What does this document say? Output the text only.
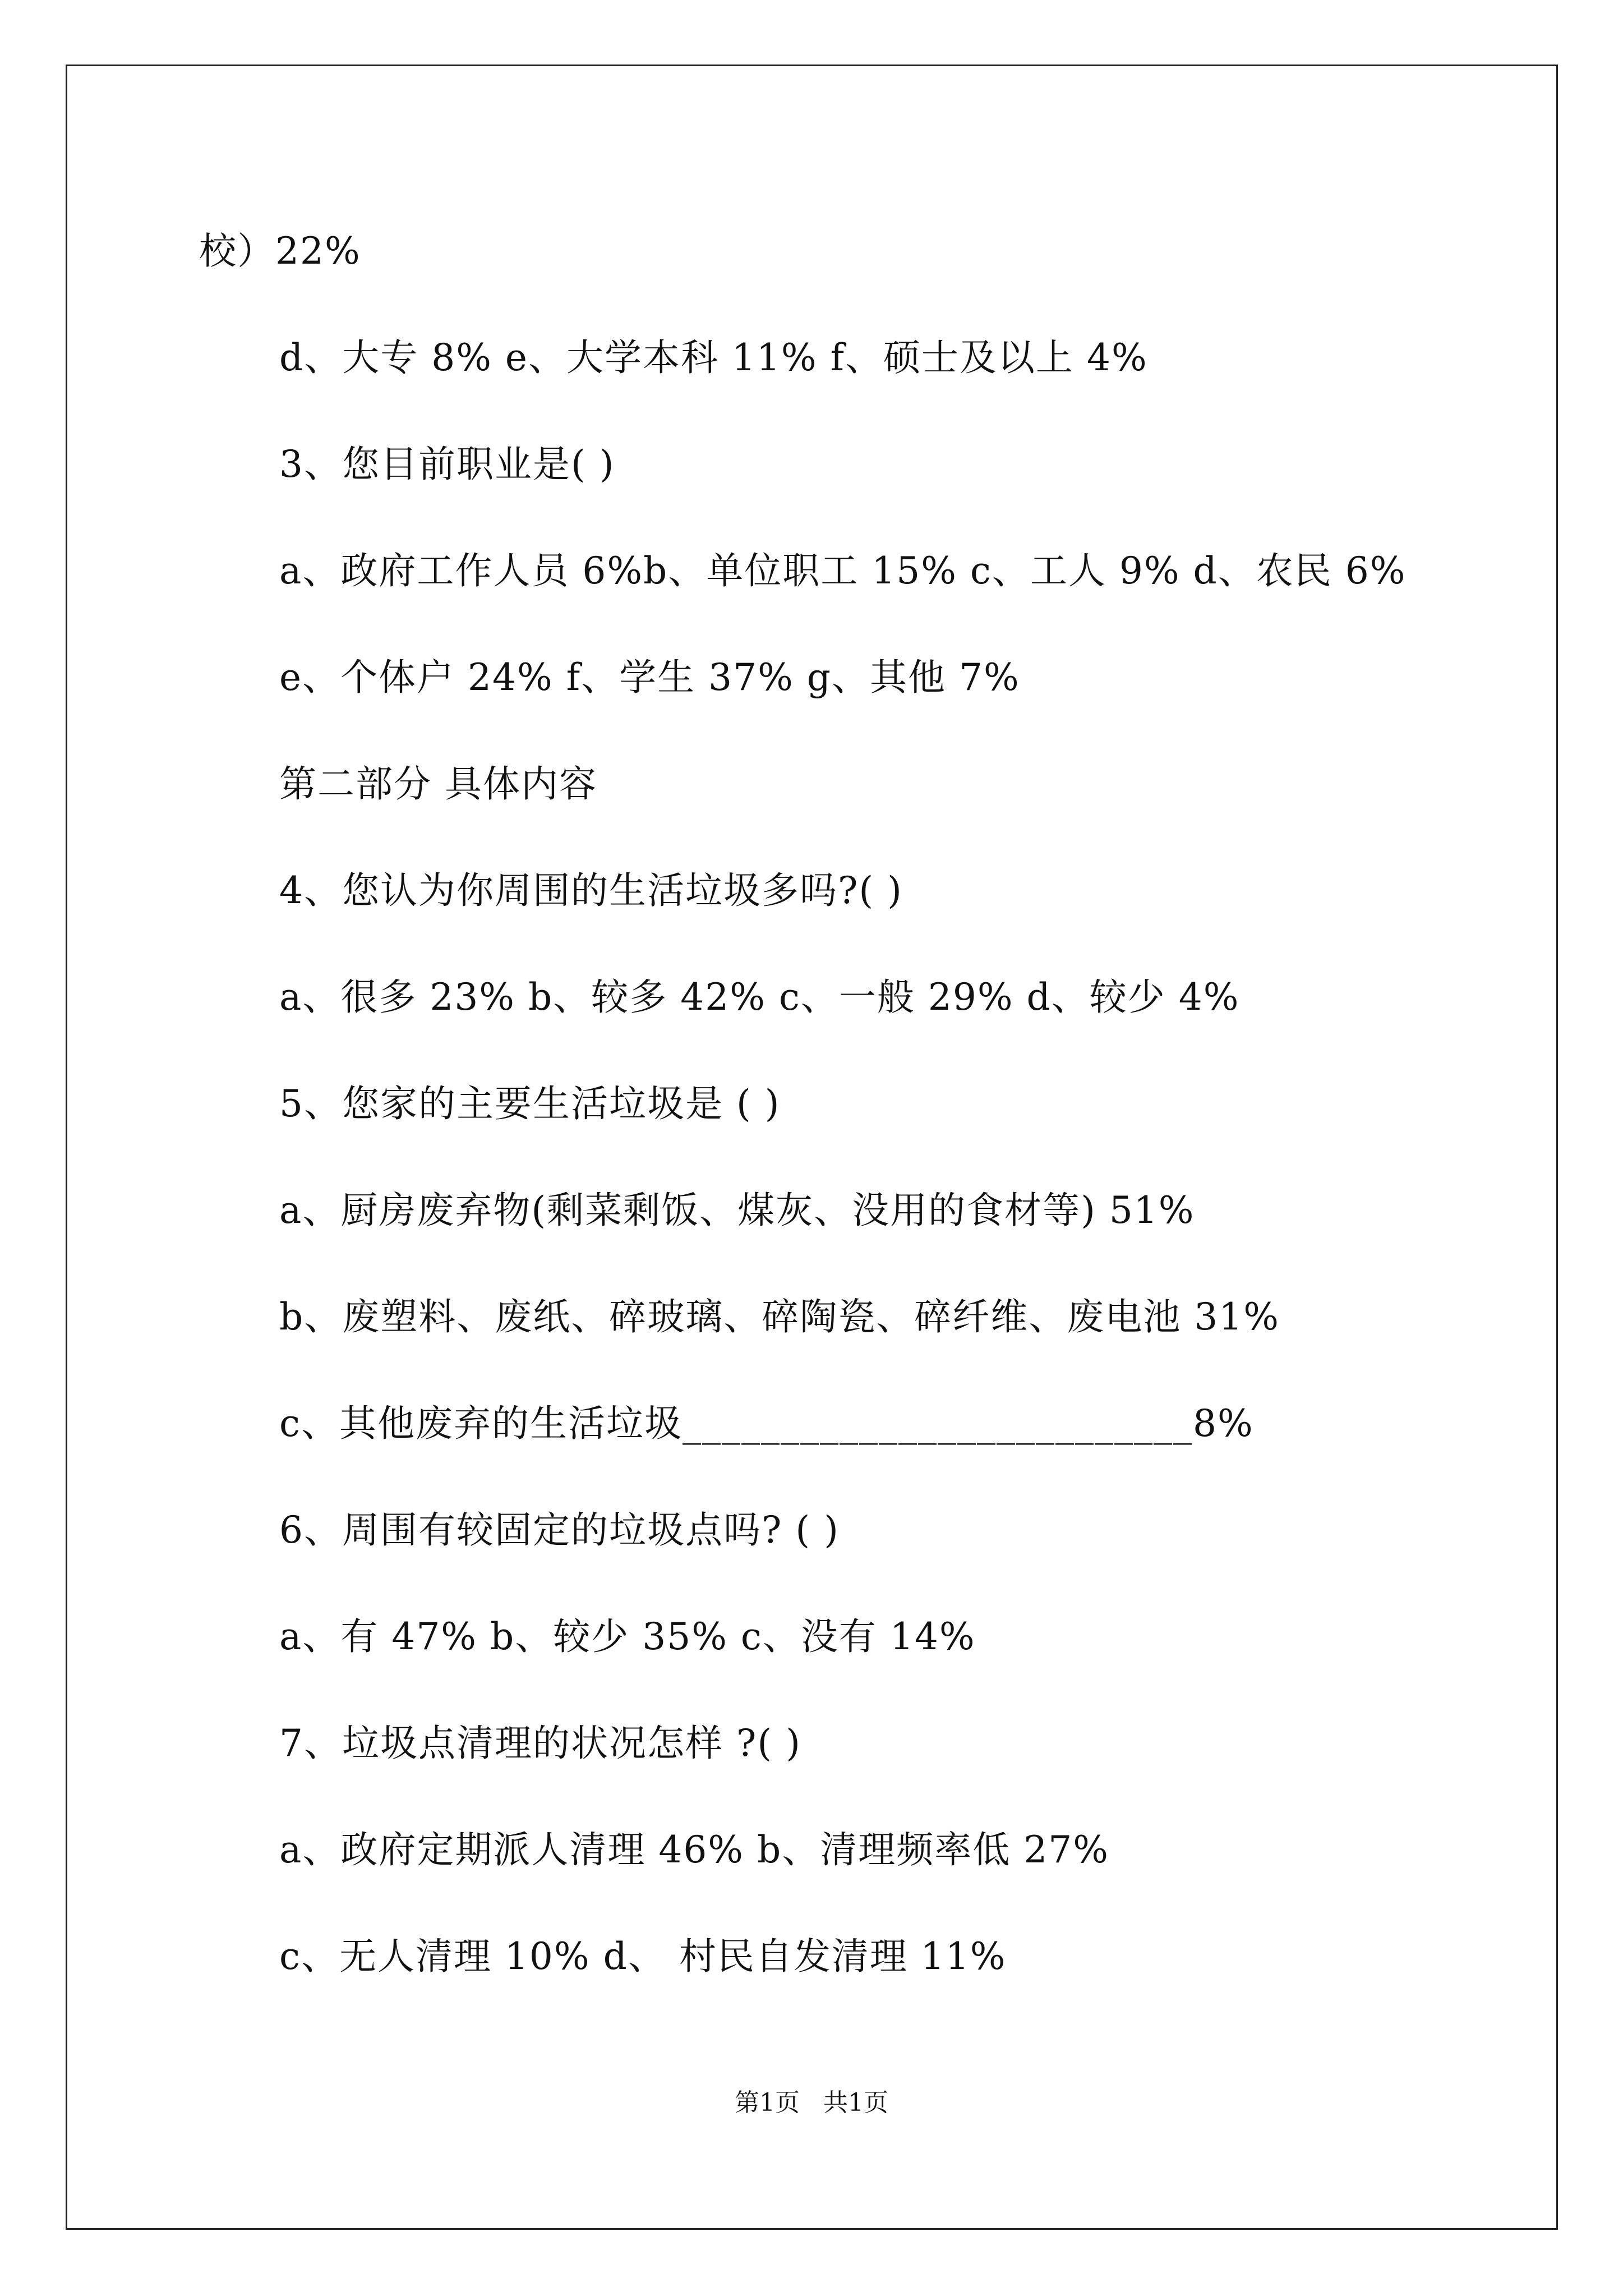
校）22%
d、大专 8% e、大学本科 11% f、硕士及以上 4%
3、您目前职业是( )
a、政府工作人员 6%b、单位职工 15% c、工人 9% d、农民 6%
e、个体户 24% f、学生 37% g、其他 7%
第二部分 具体内容
4、您认为你周围的生活垃圾多吗?( )
a、很多 23% b、较多 42% c、一般 29% d、较少 4%
5、您家的主要生活垃圾是 ( )
a、厨房废弃物(剩菜剩饭、煤灰、没用的食材等) 51%
b、废塑料、废纸、碎玻璃、碎陶瓷、碎纤维、废电池 31%
c、其他废弃的生活垃圾__________________________8%
6、周围有较固定的垃圾点吗? ( )
a、有 47% b、较少 35% c、没有 14%
7、垃圾点清理的状况怎样 ?( )
a、政府定期派人清理 46% b、清理频率低 27%
c、无人清理 10% d、 村民自发清理 11%
第1页   共1页
